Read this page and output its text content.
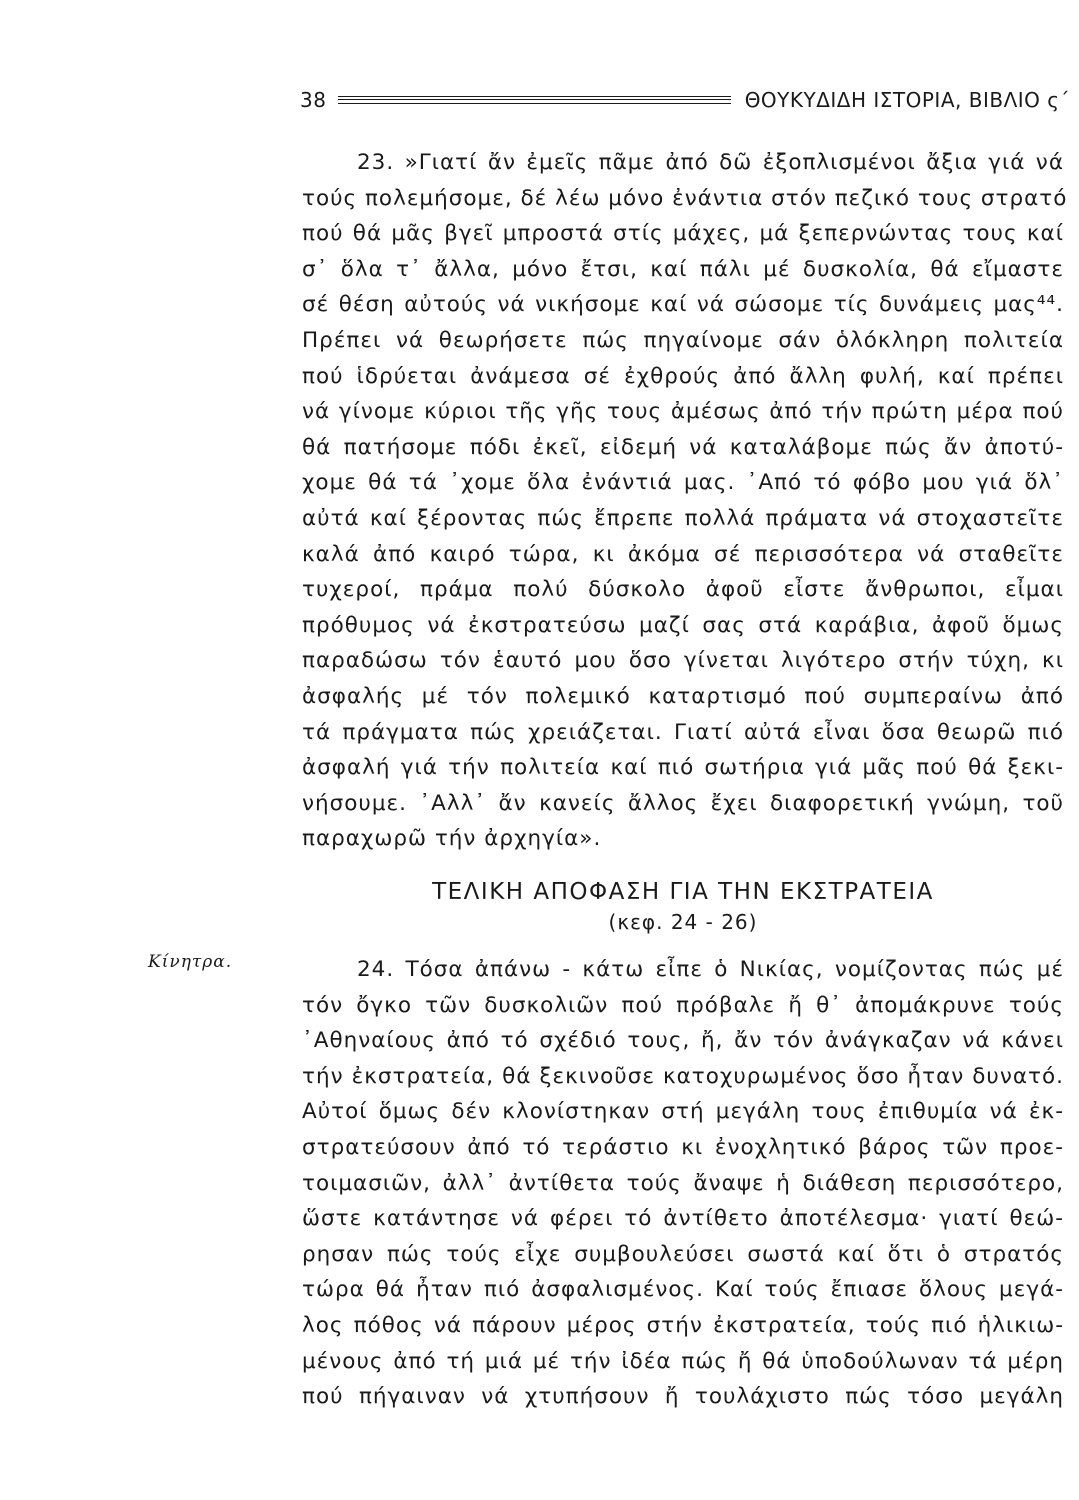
38	ΘΟΥΚΥΔΙΔΗ ΙΣΤΟΡΙΑ, ΒΙΒΛΙΟ ς΄
23. »Γιατί ἄν ἐμεῖς πᾶμε ἀπό δῶ ἐξοπλισμένοι ἄξια γιά νά
τούς πολεμήσομε, δέ λέω μόνο ἐνάντια στόν πεζικό τους στρατό
πού θά μᾶς βγεῖ μπροστά στίς μάχες, μά ξεπερνώντας τους καί
σ᾽ ὅλα τ᾽ ἄλλα, μόνο ἔτσι, καί πάλι μέ δυσκολία, θά εἴμαστε
σέ θέση αὐτούς νά νικήσομε καί νά σώσομε τίς δυνάμεις μας⁴⁴.
Πρέπει νά θεωρήσετε πώς πηγαίνομε σάν ὁλόκληρη πολιτεία
πού ἱδρύεται ἀνάμεσα σέ ἐχθρούς ἀπό ἄλλη φυλή, καί πρέπει
νά γίνομε κύριοι τῆς γῆς τους ἀμέσως ἀπό τήν πρώτη μέρα πού
θά πατήσομε πόδι ἐκεῖ, εἰδεμή νά καταλάβομε πώς ἄν ἀποτύ-
χομε θά τά ᾽χομε ὅλα ἐνάντιά μας. ᾿Από τό φόβο μου γιά ὅλ᾽
αὐτά καί ξέροντας πώς ἔπρεπε πολλά πράματα νά στοχαστεῖτε
καλά ἀπό καιρό τώρα, κι ἀκόμα σέ περισσότερα νά σταθεῖτε
τυχεροί, πράμα πολύ δύσκολο ἀφοῦ εἶστε ἄνθρωποι, εἶμαι
πρόθυμος νά ἐκστρατεύσω μαζί σας στά καράβια, ἀφοῦ ὅμως
παραδώσω τόν ἑαυτό μου ὅσο γίνεται λιγότερο στήν τύχη, κι
ἀσφαλής μέ τόν πολεμικό καταρτισμό πού συμπεραίνω ἀπό
τά πράγματα πώς χρειάζεται. Γιατί αὐτά εἶναι ὅσα θεωρῶ πιό
ἀσφαλή γιά τήν πολιτεία καί πιό σωτήρια γιά μᾶς πού θά ξεκι-
νήσουμε. ᾿Αλλ᾽ ἄν κανείς ἄλλος ἔχει διαφορετική γνώμη, τοῦ
παραχωρῶ τήν ἀρχηγία».
ΤΕΛΙΚΗ ΑΠΟΦΑΣΗ ΓΙΑ ΤΗΝ ΕΚΣΤΡΑΤΕΙΑ
(κεφ. 24 - 26)
Κίνητρα.	24. Τόσα ἀπάνω - κάτω εἶπε ὁ Νικίας, νομίζοντας πώς μέ
τόν ὄγκο τῶν δυσκολιῶν πού πρόβαλε ἤ θ᾽ ἀπομάκρυνε τούς
᾿Αθηναίους ἀπό τό σχέδιό τους, ἤ, ἄν τόν ἀνάγκαζαν νά κάνει
τήν ἐκστρατεία, θά ξεκινοῦσε κατοχυρωμένος ὅσο ἦταν δυνατό.
Αὐτοί ὅμως δέν κλονίστηκαν στή μεγάλη τους ἐπιθυμία νά ἐκ-
στρατεύσουν ἀπό τό τεράστιο κι ἐνοχλητικό βάρος τῶν προε-
τοιμασιῶν, ἀλλ᾽ ἀντίθετα τούς ἄναψε ἡ διάθεση περισσότερο,
ὥστε κατάντησε νά φέρει τό ἀντίθετο ἀποτέλεσμα· γιατί θεώ-
ρησαν πώς τούς εἶχε συμβουλεύσει σωστά καί ὅτι ὁ στρατός
τώρα θά ἦταν πιό ἀσφαλισμένος. Καί τούς ἔπιασε ὅλους μεγά-
λος πόθος νά πάρουν μέρος στήν ἐκστρατεία, τούς πιό ἡλικιω-
μένους ἀπό τή μιά μέ τήν ἰδέα πώς ἤ θά ὑποδούλωναν τά μέρη
πού πήγαιναν νά χτυπήσουν ἤ τουλάχιστο πώς τόσο μεγάλη
